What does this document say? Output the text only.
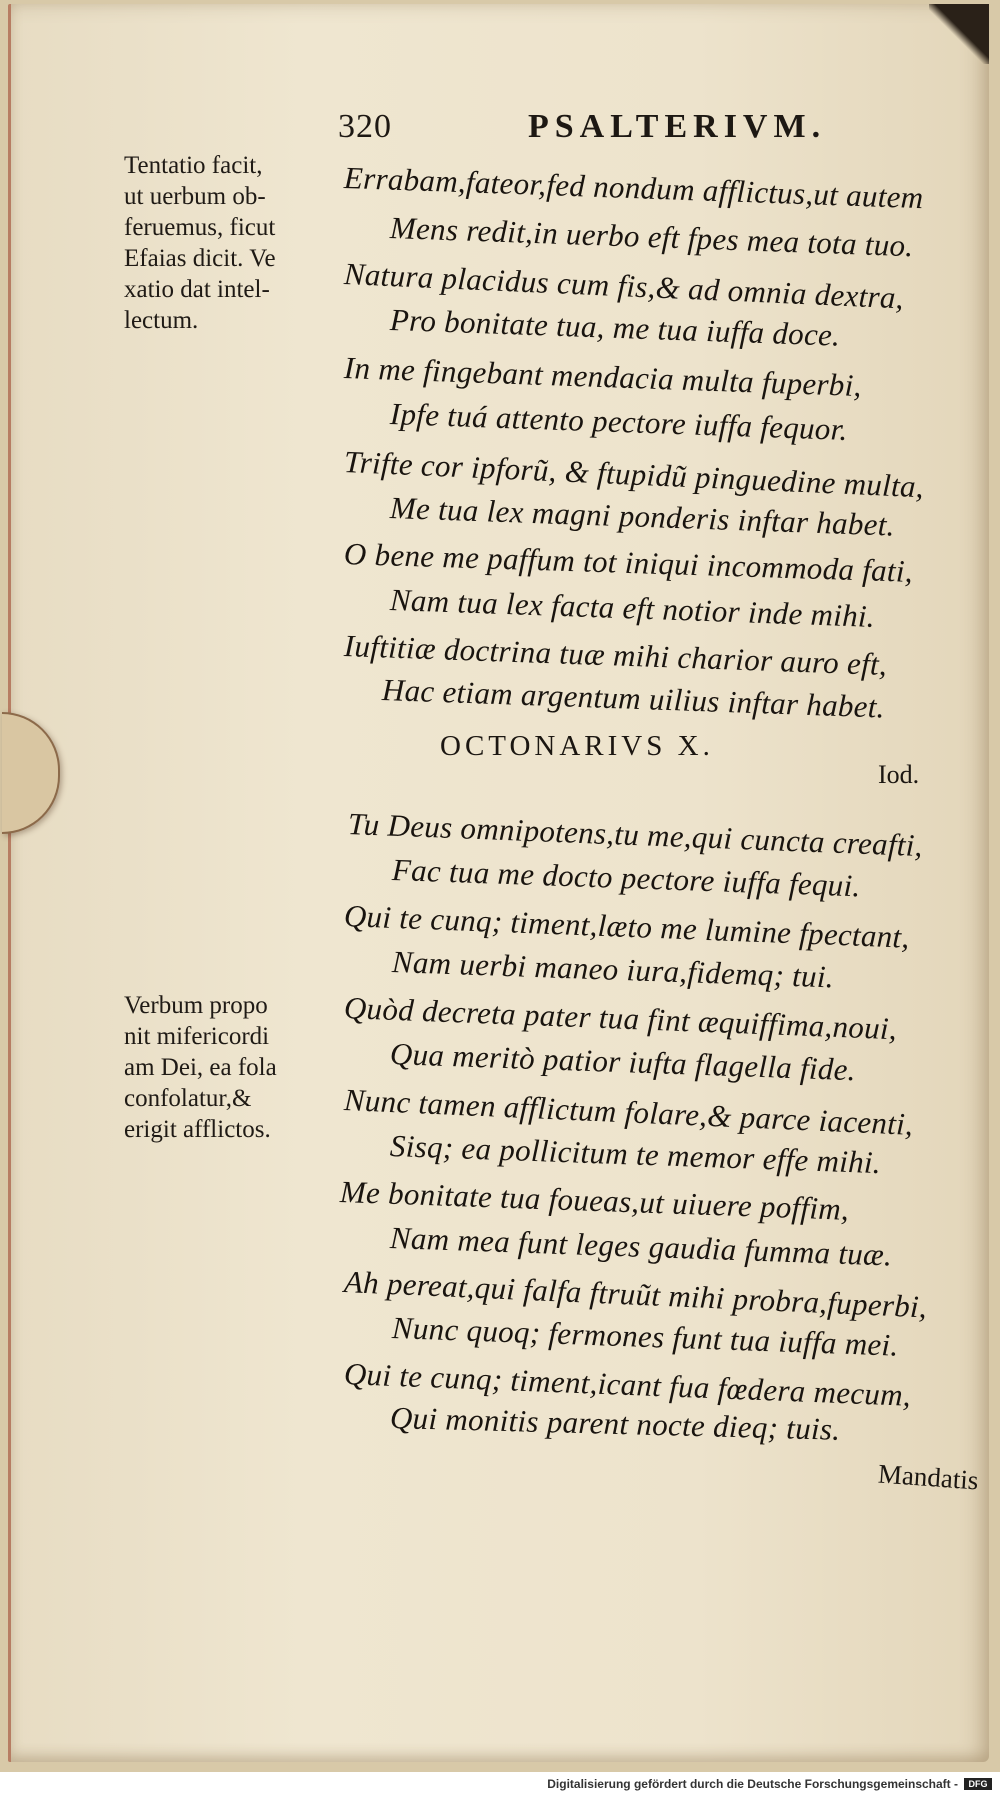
320	PSALTERIVM.
Tentatio facit,
ut uerbum ob-
feruemus, ficut
Efaias dicit. Ve
xatio dat intel-
lectum.
Errabam,fateor,fed nondum afflictus,ut autem
Mens redit,in uerbo eft fpes mea tota tuo.
Natura placidus cum fis,& ad omnia dextra,
Pro bonitate tua, me tua iuffa doce.
In me fingebant mendacia multa fuperbi,
Ipfe tuá attento pectore iuffa fequor.
Trifte cor ipforũ, & ftupidũ pinguedine multa,
Me tua lex magni ponderis inftar habet.
O bene me paffum tot iniqui incommoda fati,
Nam tua lex facta eft notior inde mihi.
Iuftitiæ doctrina tuæ mihi charior auro eft,
Hac etiam argentum uilius inftar habet.
OCTONARIVS X.
Iod.
Tu Deus omnipotens,tu me,qui cuncta creafti,
Fac tua me docto pectore iuffa fequi.
Qui te cunq; timent,læto me lumine fpectant,
Nam uerbi maneo iura,fidemq; tui.
Verbum propo
nit mifericordi
am Dei, ea fola
confolatur,&
erigit afflictos.
Quòd decreta pater tua fint æquiffima,noui,
Qua meritò patior iufta flagella fide.
Nunc tamen afflictum folare,& parce iacenti,
Sisq; ea pollicitum te memor effe mihi.
Me bonitate tua foueas,ut uiuere poffim,
Nam mea funt leges gaudia fumma tuæ.
Ah pereat,qui falfa ftruũt mihi probra,fuperbi,
Nunc quoq; fermones funt tua iuffa mei.
Qui te cunq; timent,icant fua fœdera mecum,
Qui monitis parent nocte dieq; tuis.
Mandatis
Digitalisierung gefördert durch die Deutsche Forschungsgemeinschaft -	DFG
